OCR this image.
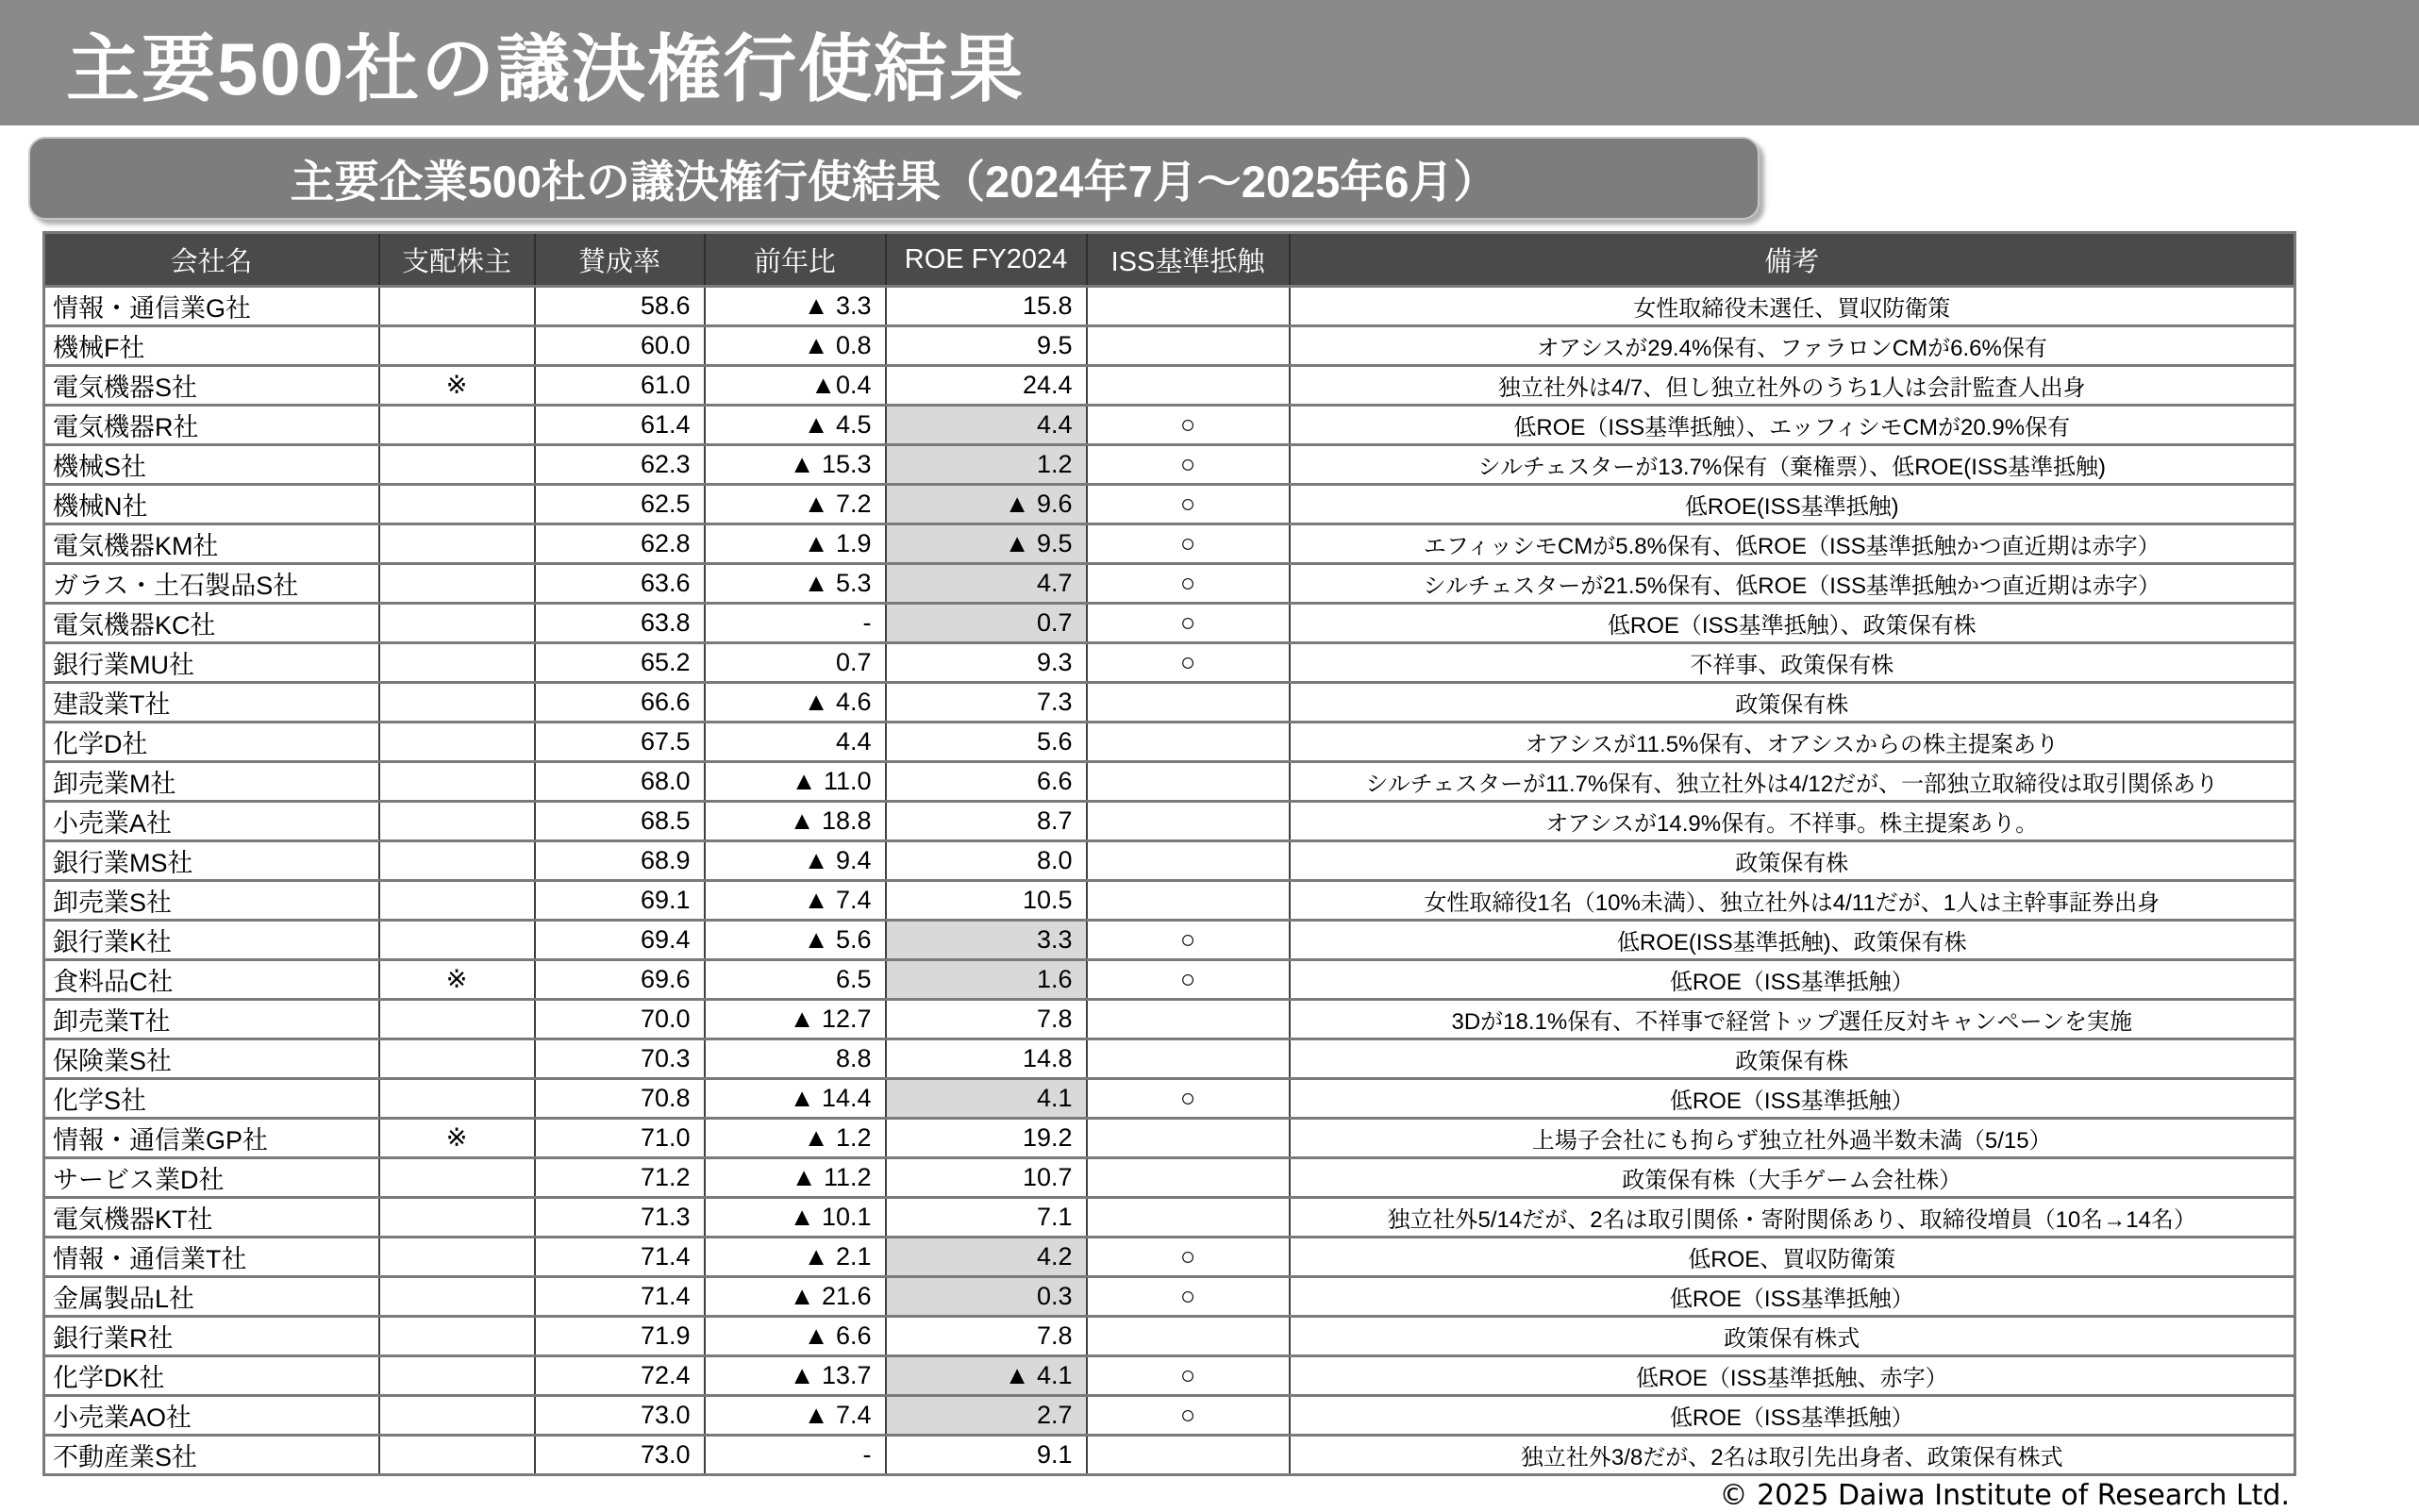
主要500社の議決権行使結果
主要企業500社の議決権行使結果（2024年7月～2025年6月）
会社名	支配株主	賛成率	前年比	ROE FY2024	ISS基準抵触	備考
情報・通信業G社		58.6	▲ 3.3	15.8		女性取締役未選任、買収防衛策
機械F社		60.0	▲ 0.8	9.5		オアシスが29.4%保有、ファラロンCMが6.6%保有
電気機器S社	※	61.0	▲0.4	24.4		独立社外は4/7、但し独立社外のうち1人は会計監査人出身
電気機器R社		61.4	▲ 4.5	4.4	○	低ROE（ISS基準抵触）、エッフィシモCMが20.9%保有
機械S社		62.3	▲ 15.3	1.2	○	シルチェスターが13.7%保有（棄権票）、低ROE(ISS基準抵触)
機械N社		62.5	▲ 7.2	▲ 9.6	○	低ROE(ISS基準抵触)
電気機器KM社		62.8	▲ 1.9	▲ 9.5	○	エフィッシモCMが5.8%保有、低ROE（ISS基準抵触かつ直近期は赤字）
ガラス・土石製品S社		63.6	▲ 5.3	4.7	○	シルチェスターが21.5%保有、低ROE（ISS基準抵触かつ直近期は赤字）
電気機器KC社		63.8	-	0.7	○	低ROE（ISS基準抵触）、政策保有株
銀行業MU社		65.2	0.7	9.3	○	不祥事、政策保有株
建設業T社		66.6	▲ 4.6	7.3		政策保有株
化学D社		67.5	4.4	5.6		オアシスが11.5%保有、オアシスからの株主提案あり
卸売業M社		68.0	▲ 11.0	6.6		シルチェスターが11.7%保有、独立社外は4/12だが、一部独立取締役は取引関係あり
小売業A社		68.5	▲ 18.8	8.7		オアシスが14.9%保有。不祥事。株主提案あり。
銀行業MS社		68.9	▲ 9.4	8.0		政策保有株
卸売業S社		69.1	▲ 7.4	10.5		女性取締役1名（10%未満）、独立社外は4/11だが、1人は主幹事証券出身
銀行業K社		69.4	▲ 5.6	3.3	○	低ROE(ISS基準抵触)、政策保有株
食料品C社	※	69.6	6.5	1.6	○	低ROE（ISS基準抵触）
卸売業T社		70.0	▲ 12.7	7.8		3Dが18.1%保有、不祥事で経営トップ選任反対キャンペーンを実施
保険業S社		70.3	8.8	14.8		政策保有株
化学S社		70.8	▲ 14.4	4.1	○	低ROE（ISS基準抵触）
情報・通信業GP社	※	71.0	▲ 1.2	19.2		上場子会社にも拘らず独立社外過半数未満（5/15）
サービス業D社		71.2	▲ 11.2	10.7		政策保有株（大手ゲーム会社株）
電気機器KT社		71.3	▲ 10.1	7.1		独立社外5/14だが、2名は取引関係・寄附関係あり、取締役増員（10名→14名）
情報・通信業T社		71.4	▲ 2.1	4.2	○	低ROE、買収防衛策
金属製品L社		71.4	▲ 21.6	0.3	○	低ROE（ISS基準抵触）
銀行業R社		71.9	▲ 6.6	7.8		政策保有株式
化学DK社		72.4	▲ 13.7	▲ 4.1	○	低ROE（ISS基準抵触、赤字）
小売業AO社		73.0	▲ 7.4	2.7	○	低ROE（ISS基準抵触）
不動産業S社		73.0	-	9.1		独立社外3/8だが、2名は取引先出身者、政策保有株式
© 2025 Daiwa Institute of Research Ltd.
